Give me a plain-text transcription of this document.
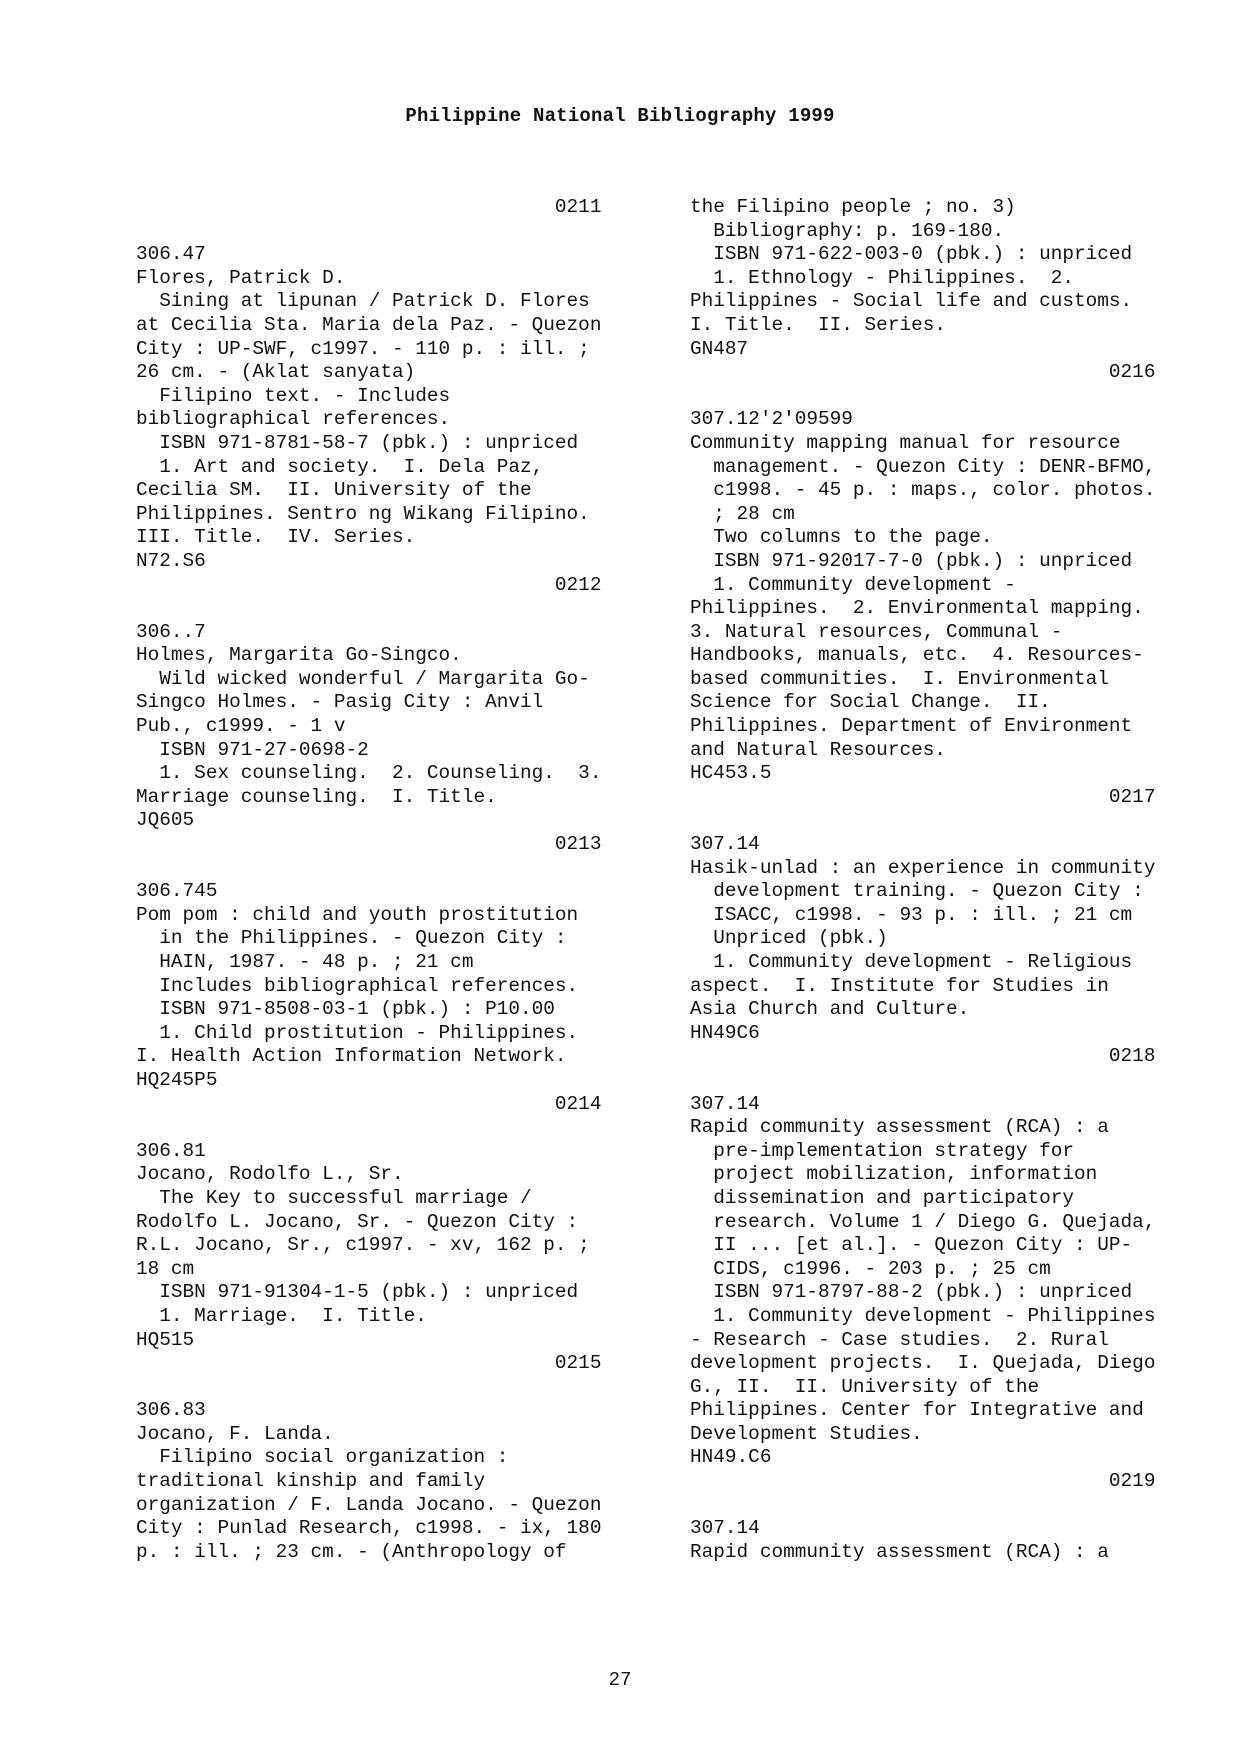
Philippine National Bibliography 1999
0211

306.47
Flores, Patrick D.
Sining at lipunan / Patrick D. Flores
at Cecilia Sta. Maria dela Paz. - Quezon
City : UP-SWF, c1997. - 110 p. : ill. ;
26 cm. - (Aklat sanyata)
Filipino text. - Includes
bibliographical references.
ISBN 971-8781-58-7 (pbk.) : unpriced
1. Art and society.  I. Dela Paz,
Cecilia SM.  II. University of the
Philippines. Sentro ng Wikang Filipino.
III. Title.  IV. Series.
N72.S6
0212

306..7
Holmes, Margarita Go-Singco.
Wild wicked wonderful / Margarita Go-
Singco Holmes. - Pasig City : Anvil
Pub., c1999. - 1 v
ISBN 971-27-0698-2
1. Sex counseling.  2. Counseling.  3.
Marriage counseling.  I. Title.
JQ605
0213

306.745
Pom pom : child and youth prostitution
in the Philippines. - Quezon City :
HAIN, 1987. - 48 p. ; 21 cm
Includes bibliographical references.
ISBN 971-8508-03-1 (pbk.) : P10.00
1. Child prostitution - Philippines.
I. Health Action Information Network.
HQ245P5
0214

306.81
Jocano, Rodolfo L., Sr.
The Key to successful marriage /
Rodolfo L. Jocano, Sr. - Quezon City :
R.L. Jocano, Sr., c1997. - xv, 162 p. ;
18 cm
ISBN 971-91304-1-5 (pbk.) : unpriced
1. Marriage.  I. Title.
HQ515
0215

306.83
Jocano, F. Landa.
Filipino social organization :
traditional kinship and family
organization / F. Landa Jocano. - Quezon
City : Punlad Research, c1998. - ix, 180
p. : ill. ; 23 cm. - (Anthropology of
the Filipino people ; no. 3)
Bibliography: p. 169-180.
ISBN 971-622-003-0 (pbk.) : unpriced
1. Ethnology - Philippines.  2.
Philippines - Social life and customs.
I. Title.  II. Series.
GN487
0216

307.12'2'09599
Community mapping manual for resource
management. - Quezon City : DENR-BFMO,
c1998. - 45 p. : maps., color. photos.
; 28 cm
Two columns to the page.
ISBN 971-92017-7-0 (pbk.) : unpriced
1. Community development -
Philippines.  2. Environmental mapping.
3. Natural resources, Communal -
Handbooks, manuals, etc.  4. Resources-
based communities.  I. Environmental
Science for Social Change.  II.
Philippines. Department of Environment
and Natural Resources.
HC453.5
0217

307.14
Hasik-unlad : an experience in community
development training. - Quezon City :
ISACC, c1998. - 93 p. : ill. ; 21 cm
Unpriced (pbk.)
1. Community development - Religious
aspect.  I. Institute for Studies in
Asia Church and Culture.
HN49C6
0218

307.14
Rapid community assessment (RCA) : a
pre-implementation strategy for
project mobilization, information
dissemination and participatory
research. Volume 1 / Diego G. Quejada,
II ... [et al.]. - Quezon City : UP-
CIDS, c1996. - 203 p. ; 25 cm
ISBN 971-8797-88-2 (pbk.) : unpriced
1. Community development - Philippines
- Research - Case studies.  2. Rural
development projects.  I. Quejada, Diego
G., II.  II. University of the
Philippines. Center for Integrative and
Development Studies.
HN49.C6
0219

307.14
Rapid community assessment (RCA) : a
27
